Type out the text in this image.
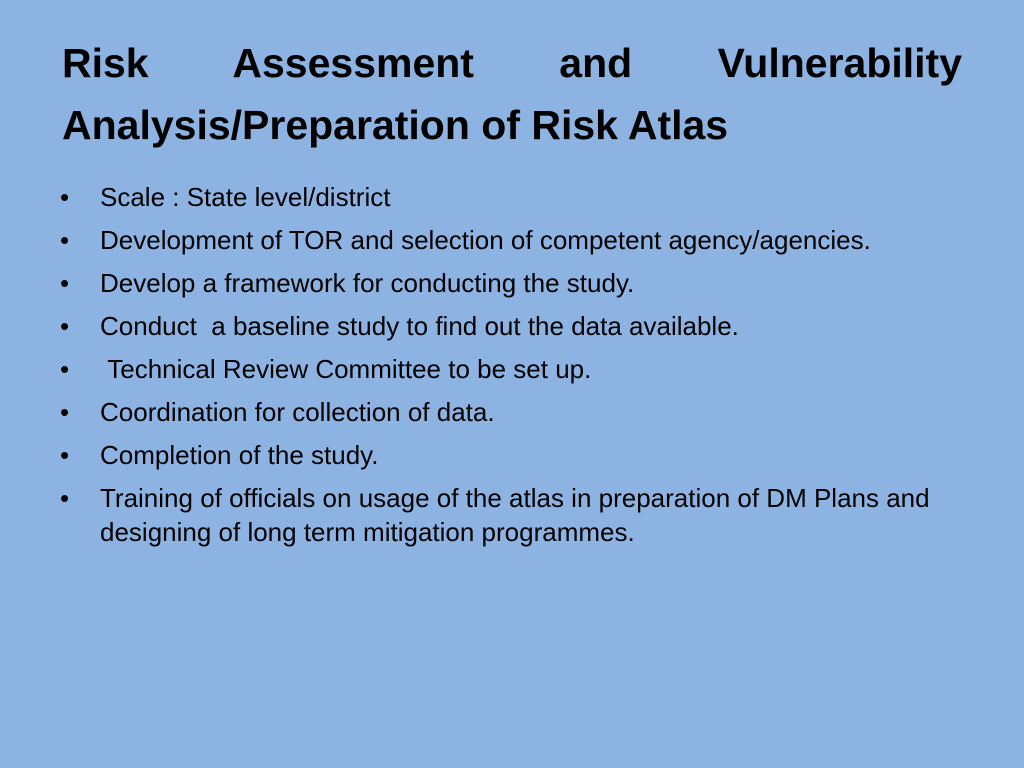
Risk Assessment and Vulnerability
Analysis/Preparation of Risk Atlas
•	Scale : State level/district
•	Development of TOR and selection of competent agency/agencies.
•	Develop a framework for conducting the study.
•	Conduct  a baseline study to find out the data available.
•	Technical Review Committee to be set up.
•	Coordination for collection of data.
•	Completion of the study.
•	Training of officials on usage of the atlas in preparation of DM Plans and  designing of long term mitigation programmes.
